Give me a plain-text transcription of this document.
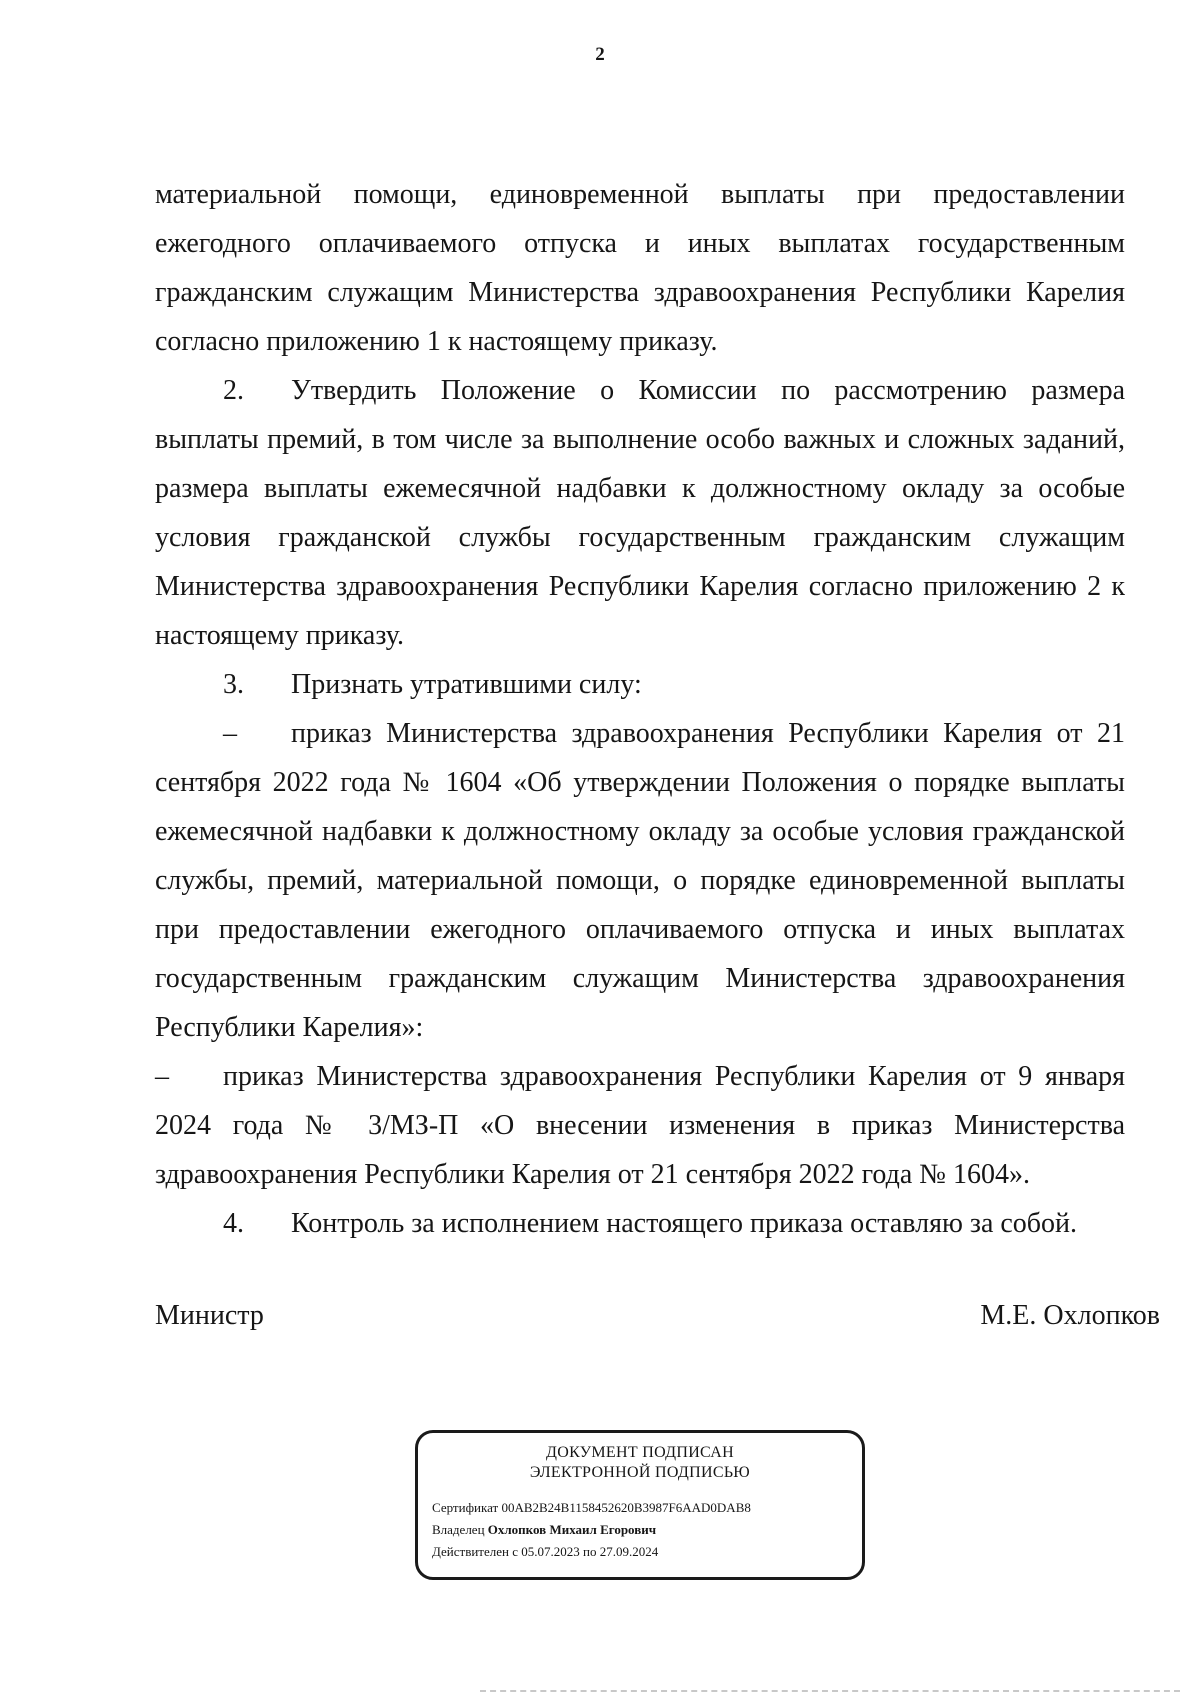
2

материальной помощи, единовременной выплаты при предоставлении ежегодного оплачиваемого отпуска и иных выплатах государственным гражданским служащим Министерства здравоохранения Республики Карелия согласно приложению 1 к настоящему приказу.

2. Утвердить Положение о Комиссии по рассмотрению размера выплаты премий, в том числе за выполнение особо важных и сложных заданий, размера выплаты ежемесячной надбавки к должностному окладу за особые условия гражданской службы государственным гражданским служащим Министерства здравоохранения Республики Карелия согласно приложению 2 к настоящему приказу.

3. Признать утратившими силу:

– приказ Министерства здравоохранения Республики Карелия от 21 сентября 2022 года № 1604 «Об утверждении Положения о порядке выплаты ежемесячной надбавки к должностному окладу за особые условия гражданской службы, премий, материальной помощи, о порядке единовременной выплаты при предоставлении ежегодного оплачиваемого отпуска и иных выплатах государственным гражданским служащим Министерства здравоохранения Республики Карелия»:

– приказ Министерства здравоохранения Республики Карелия от 9 января 2024 года № 3/МЗ-П «О внесении изменения в приказ Министерства здравоохранения Республики Карелия от 21 сентября 2022 года № 1604».

4. Контроль за исполнением настоящего приказа оставляю за собой.

Министр	М.Е. Охлопков
ДОКУМЕНТ ПОДПИСАН
ЭЛЕКТРОННОЙ ПОДПИСЬЮ
Сертификат 00AB2B24B1158452620B3987F6AAD0DAB8
Владелец Охлопков Михаил Егорович
Действителен с 05.07.2023 по 27.09.2024
